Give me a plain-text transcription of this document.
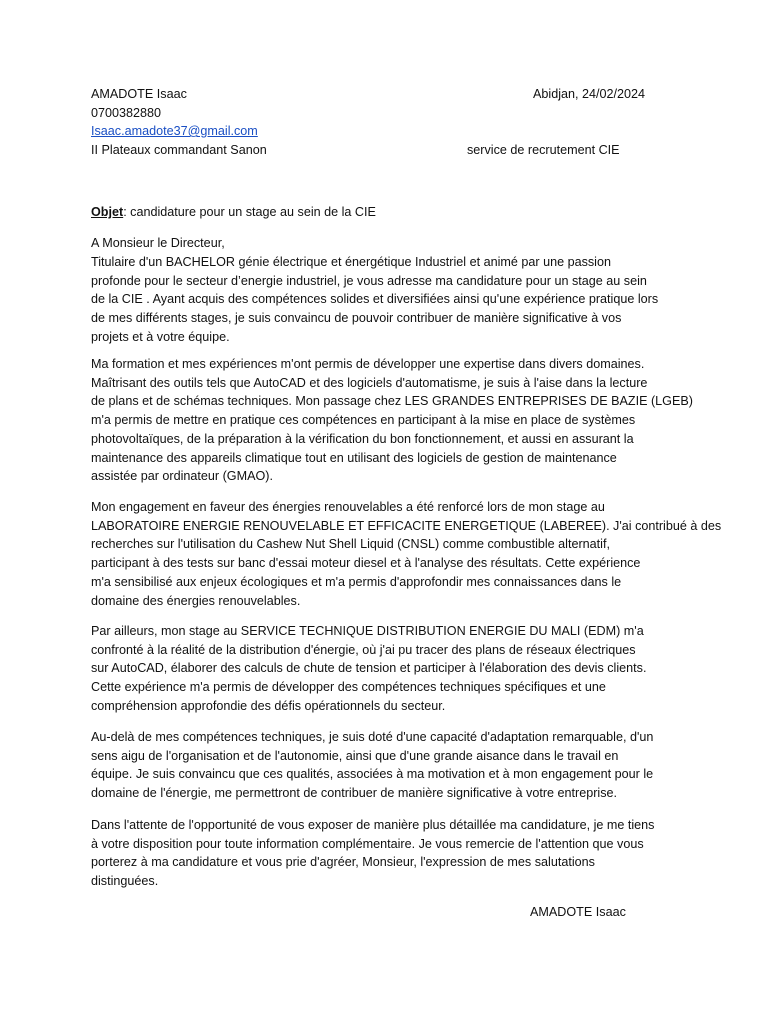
AMADOTE Isaac	Abidjan, 24/02/2024
0700382880
Isaac.amadote37@gmail.com
II Plateaux commandant Sanon	service de recrutement CIE
Objet: candidature pour un stage au sein de la CIE
A Monsieur le Directeur,
Titulaire d'un BACHELOR génie électrique et énergétique Industriel et animé par une passion
profonde pour le secteur d’energie industriel, je vous adresse ma candidature pour un stage au sein
de la CIE . Ayant acquis des compétences solides et diversifiées ainsi qu'une expérience pratique lors
de mes différents stages, je suis convaincu de pouvoir contribuer de manière significative à vos
projets et à votre équipe.
Ma formation et mes expériences m'ont permis de développer une expertise dans divers domaines.
Maîtrisant des outils tels que AutoCAD et des logiciels d'automatisme, je suis à l'aise dans la lecture
de plans et de schémas techniques. Mon passage chez LES GRANDES ENTREPRISES DE BAZIE (LGEB)
m'a permis de mettre en pratique ces compétences en participant à la mise en place de systèmes
photovoltaïques, de la préparation à la vérification du bon fonctionnement, et aussi en assurant la
maintenance des appareils climatique tout en utilisant des logiciels de gestion de maintenance
assistée par ordinateur (GMAO).
Mon engagement en faveur des énergies renouvelables a été renforcé lors de mon stage au
LABORATOIRE ENERGIE RENOUVELABLE ET EFFICACITE ENERGETIQUE (LABEREE). J'ai contribué à des
recherches sur l'utilisation du Cashew Nut Shell Liquid (CNSL) comme combustible alternatif,
participant à des tests sur banc d'essai moteur diesel et à l'analyse des résultats. Cette expérience
m'a sensibilisé aux enjeux écologiques et m'a permis d'approfondir mes connaissances dans le
domaine des énergies renouvelables.
Par ailleurs, mon stage au SERVICE TECHNIQUE DISTRIBUTION ENERGIE DU MALI (EDM) m'a
confronté à la réalité de la distribution d'énergie, où j'ai pu tracer des plans de réseaux électriques
sur AutoCAD, élaborer des calculs de chute de tension et participer à l'élaboration des devis clients.
Cette expérience m'a permis de développer des compétences techniques spécifiques et une
compréhension approfondie des défis opérationnels du secteur.
Au-delà de mes compétences techniques, je suis doté d'une capacité d'adaptation remarquable, d'un
sens aigu de l'organisation et de l'autonomie, ainsi que d'une grande aisance dans le travail en
équipe. Je suis convaincu que ces qualités, associées à ma motivation et à mon engagement pour le
domaine de l'énergie, me permettront de contribuer de manière significative à votre entreprise.
Dans l'attente de l'opportunité de vous exposer de manière plus détaillée ma candidature, je me tiens
à votre disposition pour toute information complémentaire. Je vous remercie de l'attention que vous
porterez à ma candidature et vous prie d'agréer, Monsieur, l'expression de mes salutations
distinguées.
AMADOTE Isaac
